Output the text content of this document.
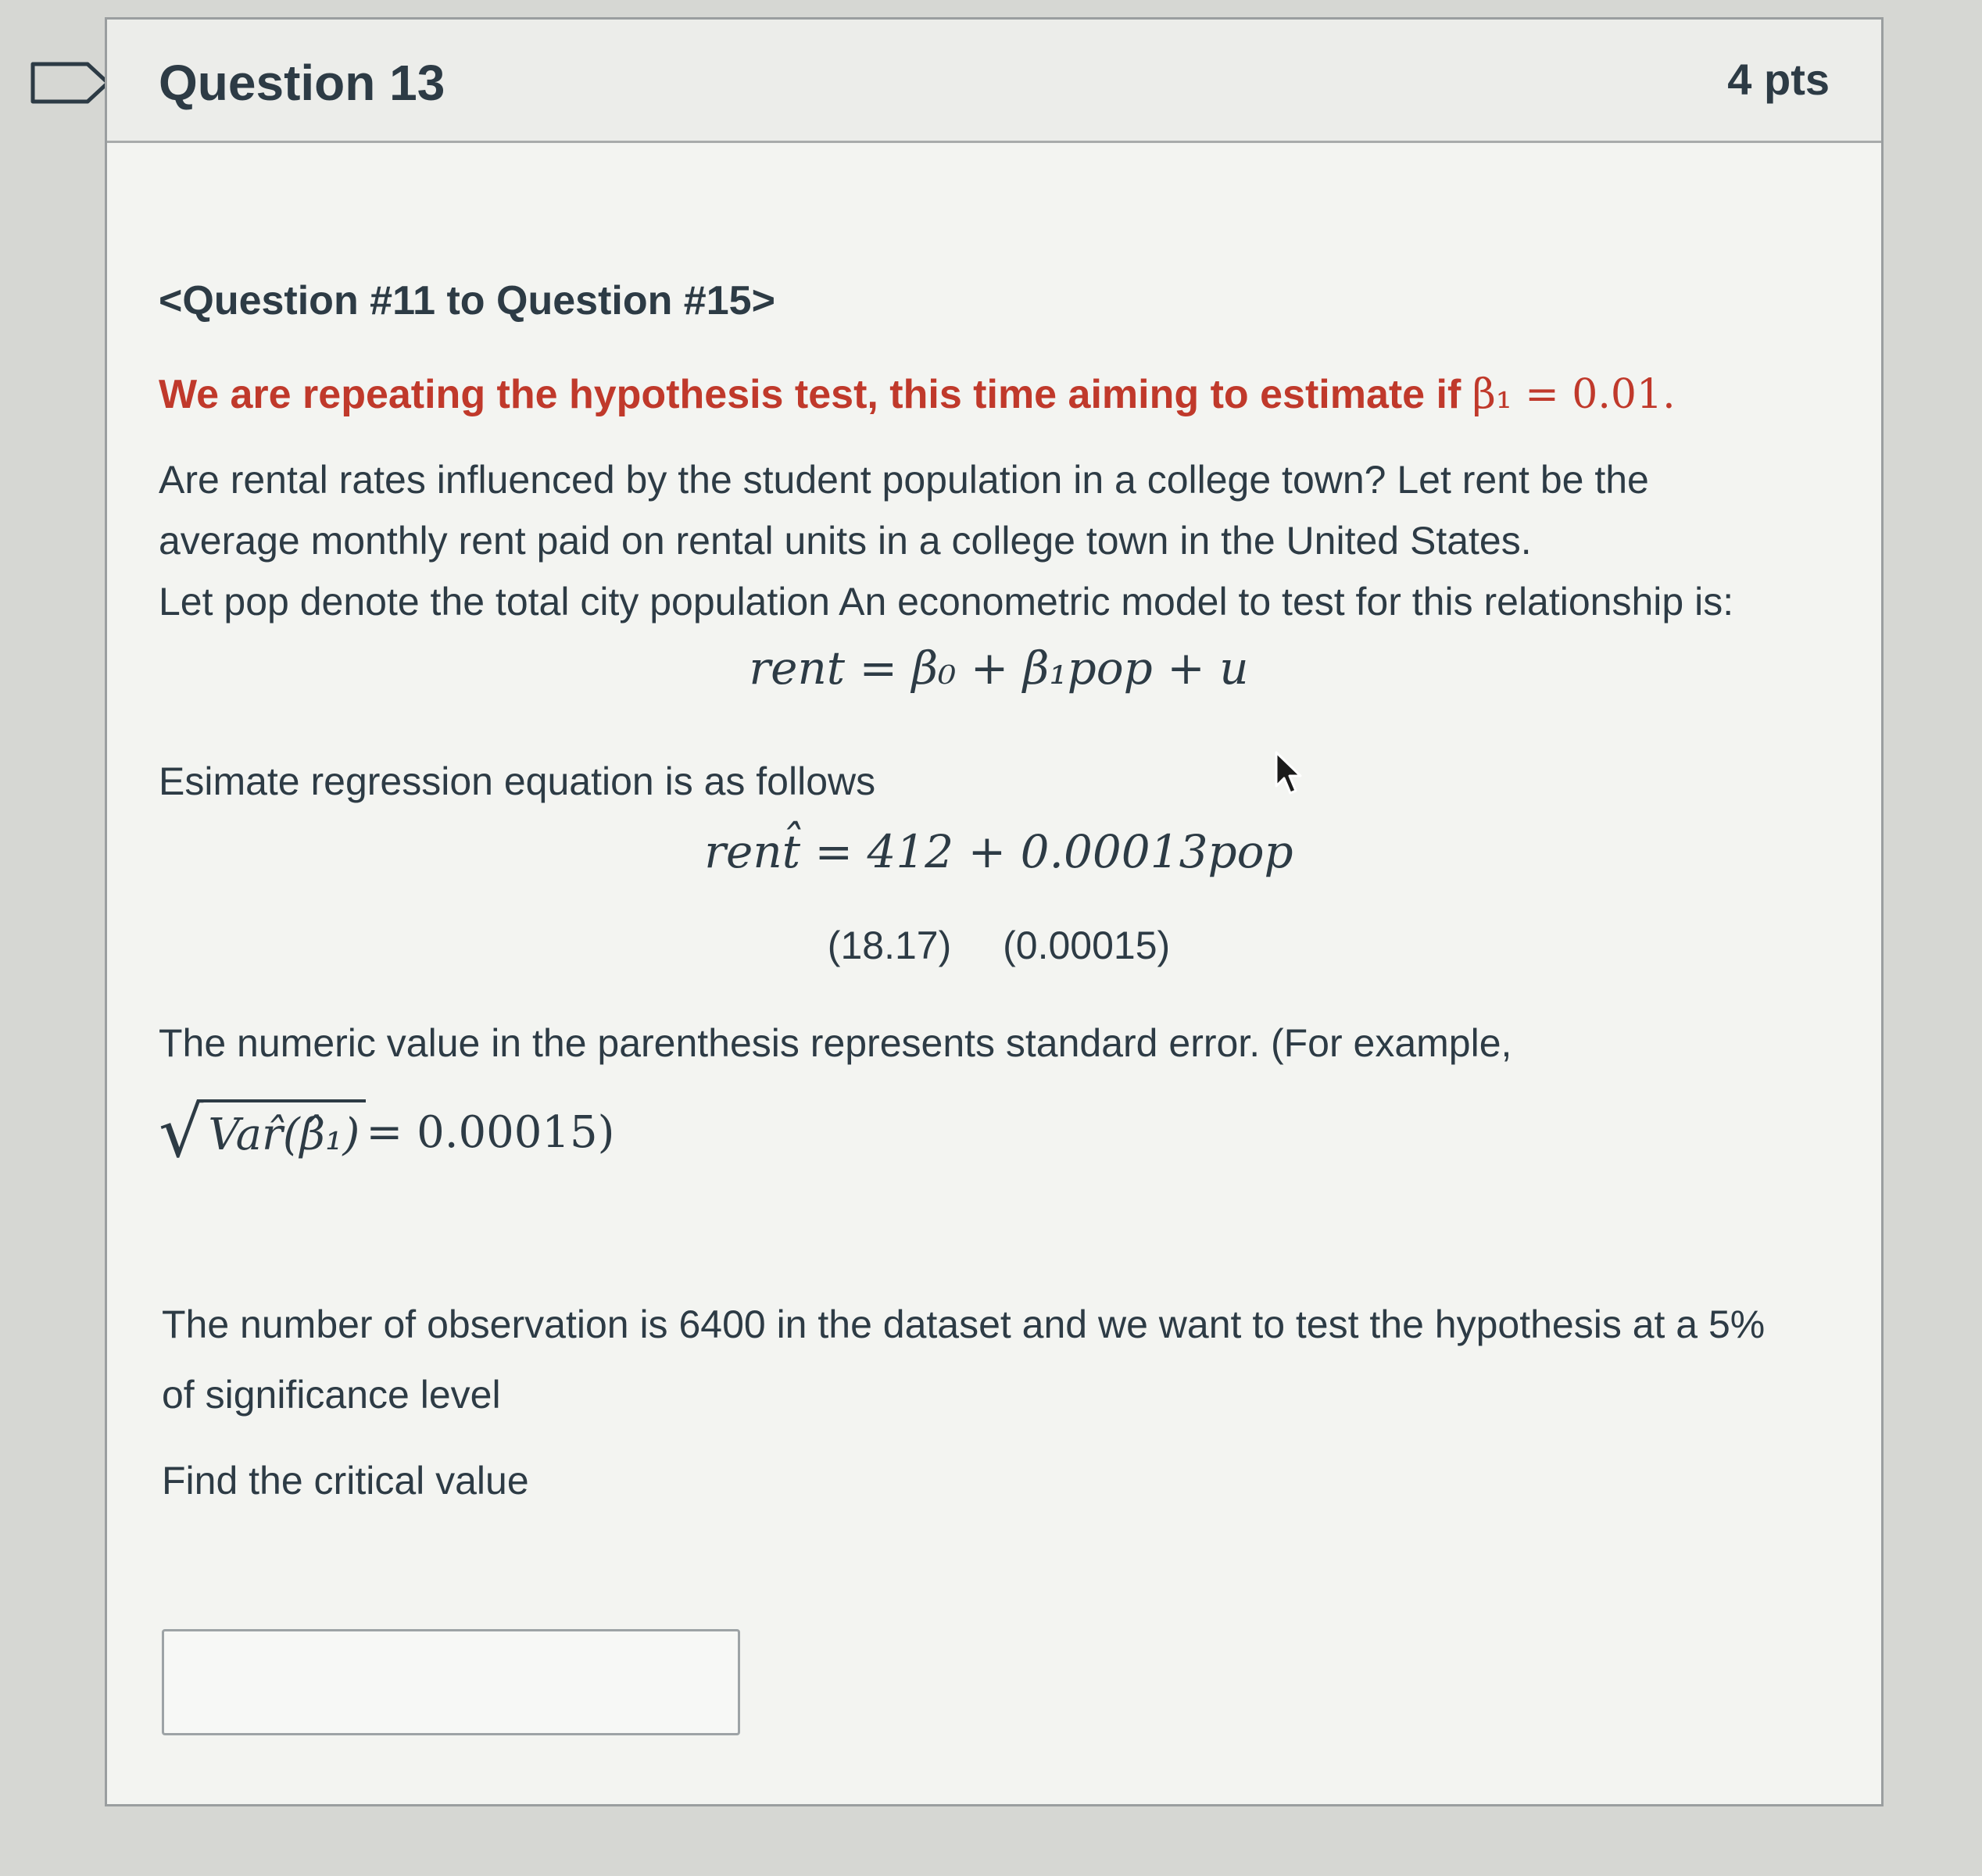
Question 13	4 pts
<Question #11 to Question #15>
We are repeating the hypothesis test, this time aiming to estimate if β₁ = 0.01.
Are rental rates influenced by the student population in a college town? Let rent be the
average monthly rent paid on rental units in a college town in the United States.
Let pop denote the total city population An econometric model to test for this relationship is:
rent = β₀ + β₁pop + u
Esimate regression equation is as follows
rent̂ = 412 + 0.00013pop
(18.17) (0.00015)
The numeric value in the parenthesis represents standard error. (For example,
√ Var̂(β̂₁) = 0.00015)
The number of observation is 6400 in the dataset and we want to test the hypothesis at a 5%
of significance level
Find the critical value
